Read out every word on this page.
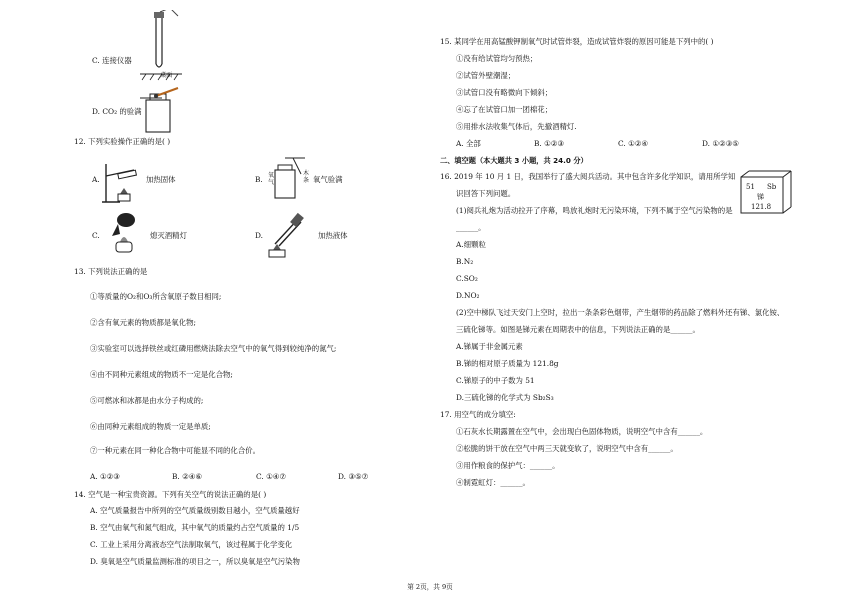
C. 连接仪器
桌面
D. CO₂ 的验满
12. 下列实验操作正确的是( )
A.	加热固体	B. 氧气
木条 氧气验满
C.	熄灭酒精灯	D.	加热液体
13. 下列说法正确的是
①等质量的O₂和O₃所含氧原子数目相同;
②含有氧元素的物质都是氧化物;
③实验室可以选择铁丝或红磷用燃烧法除去空气中的氧气得到较纯净的氮气;
④由不同种元素组成的物质不一定是化合物;
⑤可燃冰和冰都是由水分子构成的;
⑥由同种元素组成的物质一定是单质;
⑦一种元素在同一种化合物中可能显不同的化合价。
A. ①②③	B. ②④⑥	C. ①④⑦	D. ③⑤⑦
14. 空气是一种宝贵资源。下列有关空气的说法正确的是( )
A. 空气质量报告中所列的空气质量级别数目越小，空气质量越好
B. 空气由氧气和氮气组成，其中氧气的质量约占空气质量的 1/5
C. 工业上采用分离液态空气法制取氧气，该过程属于化学变化
D. 臭氧是空气质量监测标准的项目之一，所以臭氧是空气污染物
15. 某同学在用高锰酸钾制氧气时试管炸裂，造成试管炸裂的原因可能是下列中的( )
①没有给试管均匀预热；
②试管外壁潮湿；
③试管口没有略微向下倾斜；
④忘了在试管口加一团棉花；
⑤用排水法收集气体后，先撤酒精灯.
A. 全部	B. ①②③	C. ①②④	D. ①②③⑤
二、填空题（本大题共 3 小题，共 24.0 分）
16. 2019 年 10 月 1 日，我国举行了盛大阅兵活动。其中包含许多化学知识，请用所学知
识回答下列问题。
(1)阅兵礼炮为活动拉开了序幕，鸣放礼炮时无污染环境，下列不属于空气污染物的是
______。
A.细颗粒
B.N₂
C.SO₂
D.NO₂
(2)空中梯队飞过天安门上空时，拉出一条条彩色烟带，产生烟带的药品除了燃料外还有锑、氯化铵、
三硫化锑等。如图是锑元素在周期表中的信息，下列说法正确的是______。
A.锑属于非金属元素
B.锑的相对原子质量为 121.8g
C.锑原子的中子数为 51
D.三硫化锑的化学式为 Sb₂S₃
51 Sb
锑
121.8
17. 用空气的成分填空:
①石灰水长期露置在空气中，会出现白色固体物质，说明空气中含有______。
②松脆的饼干放在空气中两三天就变软了，说明空气中含有______。
③用作粮食的保护气：______。
④制霓虹灯：______。
第 2页，共 9页
